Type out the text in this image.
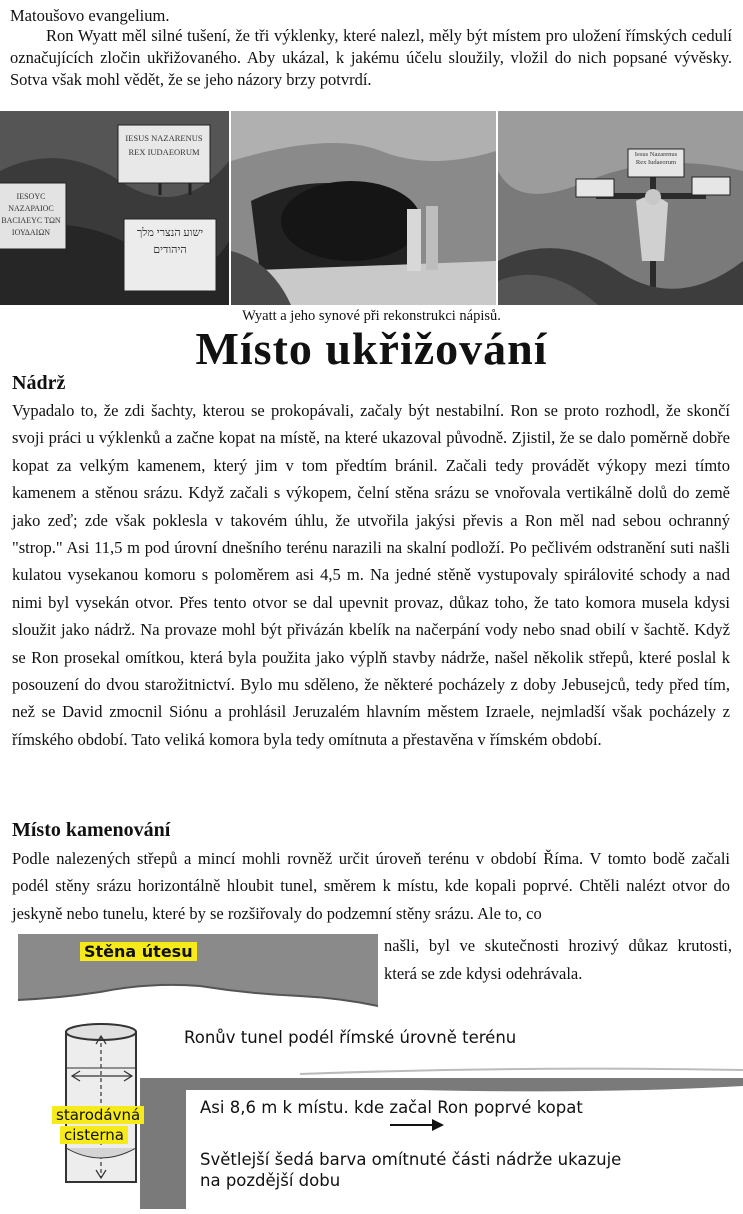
Matoušovo evangelium.

Ron Wyatt měl silné tušení, že tři výklenky, které nalezl, měly být místem pro uložení římských cedulí označujících zločin ukřižovaného. Aby ukázal, k jakému účelu sloužily, vložil do nich popsané vývěsky. Sotva však mohl vědět, že se jeho názory brzy potvrdí.

IESUS NAZARENUS REX IUDAEORUM
IESOYC NAZAPAIOC BACIAEYC ΤΩΝ ΙΟΥΔΑΙΩΝ	ישוע הנצרי מלך היהודים
Iesus Nazarenus Rex Iudaeorum
Wyatt a jeho synové při rekonstrukci nápisů.
Místo ukřižování
Nádrž

Vypadalo to, že zdi šachty, kterou se prokopávali, začaly být nestabilní. Ron se proto rozhodl, že skončí svoji práci u výklenků a začne kopat na místě, na které ukazoval původně. Zjistil, že se dalo poměrně dobře kopat za velkým kamenem, který jim v tom předtím bránil. Začali tedy provádět výkopy mezi tímto kamenem a stěnou srázu. Když začali s výkopem, čelní stěna srázu se vnořovala vertikálně dolů do země jako zeď; zde však poklesla v takovém úhlu, že utvořila jakýsi převis a Ron měl nad sebou ochranný "strop." Asi 11,5 m pod úrovní dnešního terénu narazili na skalní podloží. Po pečlivém odstranění suti našli kulatou vysekanou komoru s poloměrem asi 4,5 m. Na jedné stěně vystupovaly spirálovité schody a nad nimi byl vysekán otvor. Přes tento otvor se dal upevnit provaz, důkaz toho, že tato komora musela kdysi sloužit jako nádrž. Na provaze mohl být přivázán kbelík na načerpání vody nebo snad obilí v šachtě. Když se Ron prosekal omítkou, která byla použita jako výplň stavby nádrže, našel několik střepů, které poslal k posouzení do dvou starožitnictví. Bylo mu sděleno, že některé pocházely z doby Jebusejců, tedy před tím, než se David zmocnil Siónu a prohlásil Jeruzalém hlavním městem Izraele, nejmladší však pocházely z římského období. Tato veliká komora byla tedy omítnuta a přestavěna v římském období.

Místo kamenování

Podle nalezených střepů a mincí mohli rovněž určit úroveň terénu v období Říma. V tomto bodě začali podél stěny srázu horizontálně hloubit tunel, směrem k místu, kde kopali poprvé. Chtěli nalézt otvor do jeskyně nebo tunelu, které by se rozšiřovaly do podzemní stěny srázu. Ale to, co

Stěna útesu
Ronův tunel podél římské úrovně terénu
starodávná
cisterna
Asi 8,6 m k místu. kde začal Ron poprvé kopat
Světlejší šedá barva omítnuté části nádrže ukazuje
na pozdější dobu

našli, byl ve skutečnosti hrozivý důkaz krutosti, která se zde kdysi odehrávala.
